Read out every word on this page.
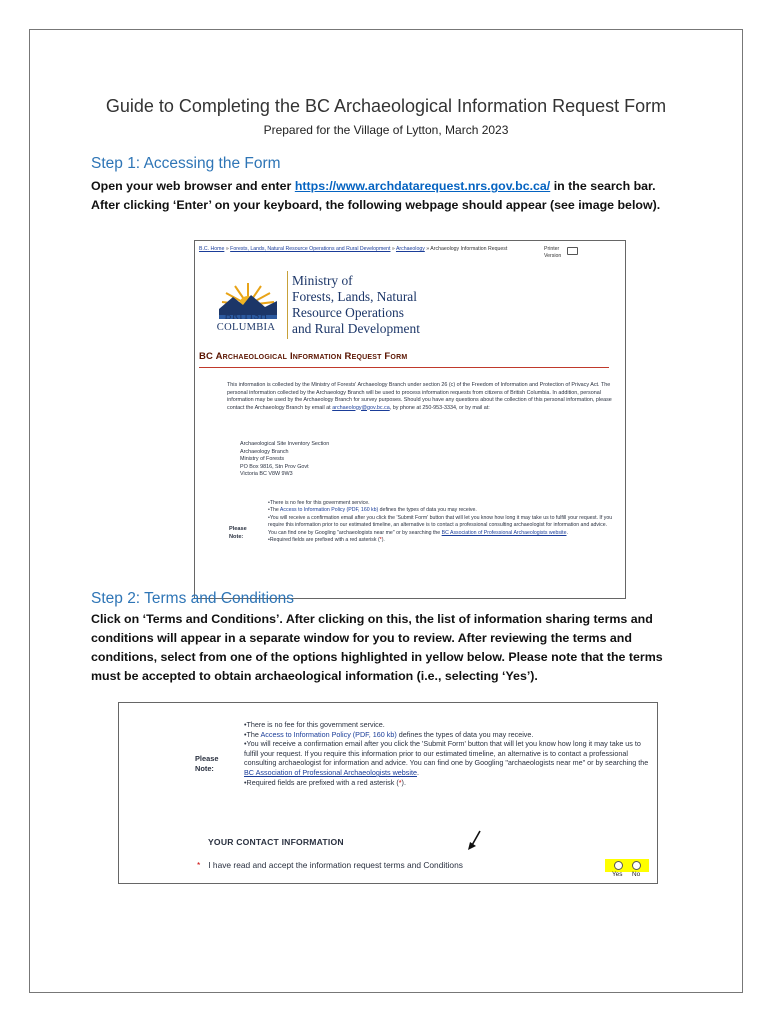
Guide to Completing the BC Archaeological Information Request Form
Prepared for the Village of Lytton, March 2023
Step 1: Accessing the Form
Open your web browser and enter https://www.archdatarequest.nrs.gov.bc.ca/ in the search bar. After clicking ‘Enter’ on your keyboard, the following webpage should appear (see image below).
B.C. Home » Forests, Lands, Natural Resource Operations and Rural Development » Archaeology » Archaeology Information Request	Printer Version
BRITISH
COLUMBIA
Ministry of
Forests, Lands, Natural
Resource Operations
and Rural Development
BC Archaeological Information Request Form
This information is collected by the Ministry of Forests' Archaeology Branch under section 26 (c) of the Freedom of Information and Protection of Privacy Act. The personal information collected by the Archaeology Branch will be used to process information requests from citizens of British Columbia. In addition, personal information may be used by the Archaeology Branch for survey purposes. Should you have any questions about the collection of this personal information, please contact the Archaeology Branch by email at archaeology@gov.bc.ca, by phone at 250-953-3334, or by mail at:
Archaeological Site Inventory Section
Archaeology Branch
Ministry of Forests
PO Box 9816, Stn Prov Govt
Victoria BC V8W 9W3
Please
Note:
•There is no fee for this government service.
•The Access to Information Policy (PDF, 160 kb) defines the types of data you may receive.
•You will receive a confirmation email after you click the 'Submit Form' button that will let you know how long it may take us to fulfill your request. If you require this information prior to our estimated timeline, an alternative is to contact a professional consulting archaeologist for information and advice. You can find one by Googling "archaeologists near me" or by searching the BC Association of Professional Archaeologists website.
•Required fields are prefixed with a red asterisk (*).
Step 2: Terms and Conditions
Click on ‘Terms and Conditions’. After clicking on this, the list of information sharing terms and conditions will appear in a separate window for you to review. After reviewing the terms and conditions, select from one of the options highlighted in yellow below. Please note that the terms must be accepted to obtain archaeological information (i.e., selecting ‘Yes’).
Please
Note:
•There is no fee for this government service.
•The Access to Information Policy (PDF, 160 kb) defines the types of data you may receive.
•You will receive a confirmation email after you click the 'Submit Form' button that will let you know how long it may take us to fulfill your request. If you require this information prior to our estimated timeline, an alternative is to contact a professional consulting archaeologist for information and advice. You can find one by Googling "archaeologists near me" or by searching the BC Association of Professional Archaeologists website.
•Required fields are prefixed with a red asterisk (*).
YOUR CONTACT INFORMATION
* I have read and accept the information request terms and Conditions
Yes No
